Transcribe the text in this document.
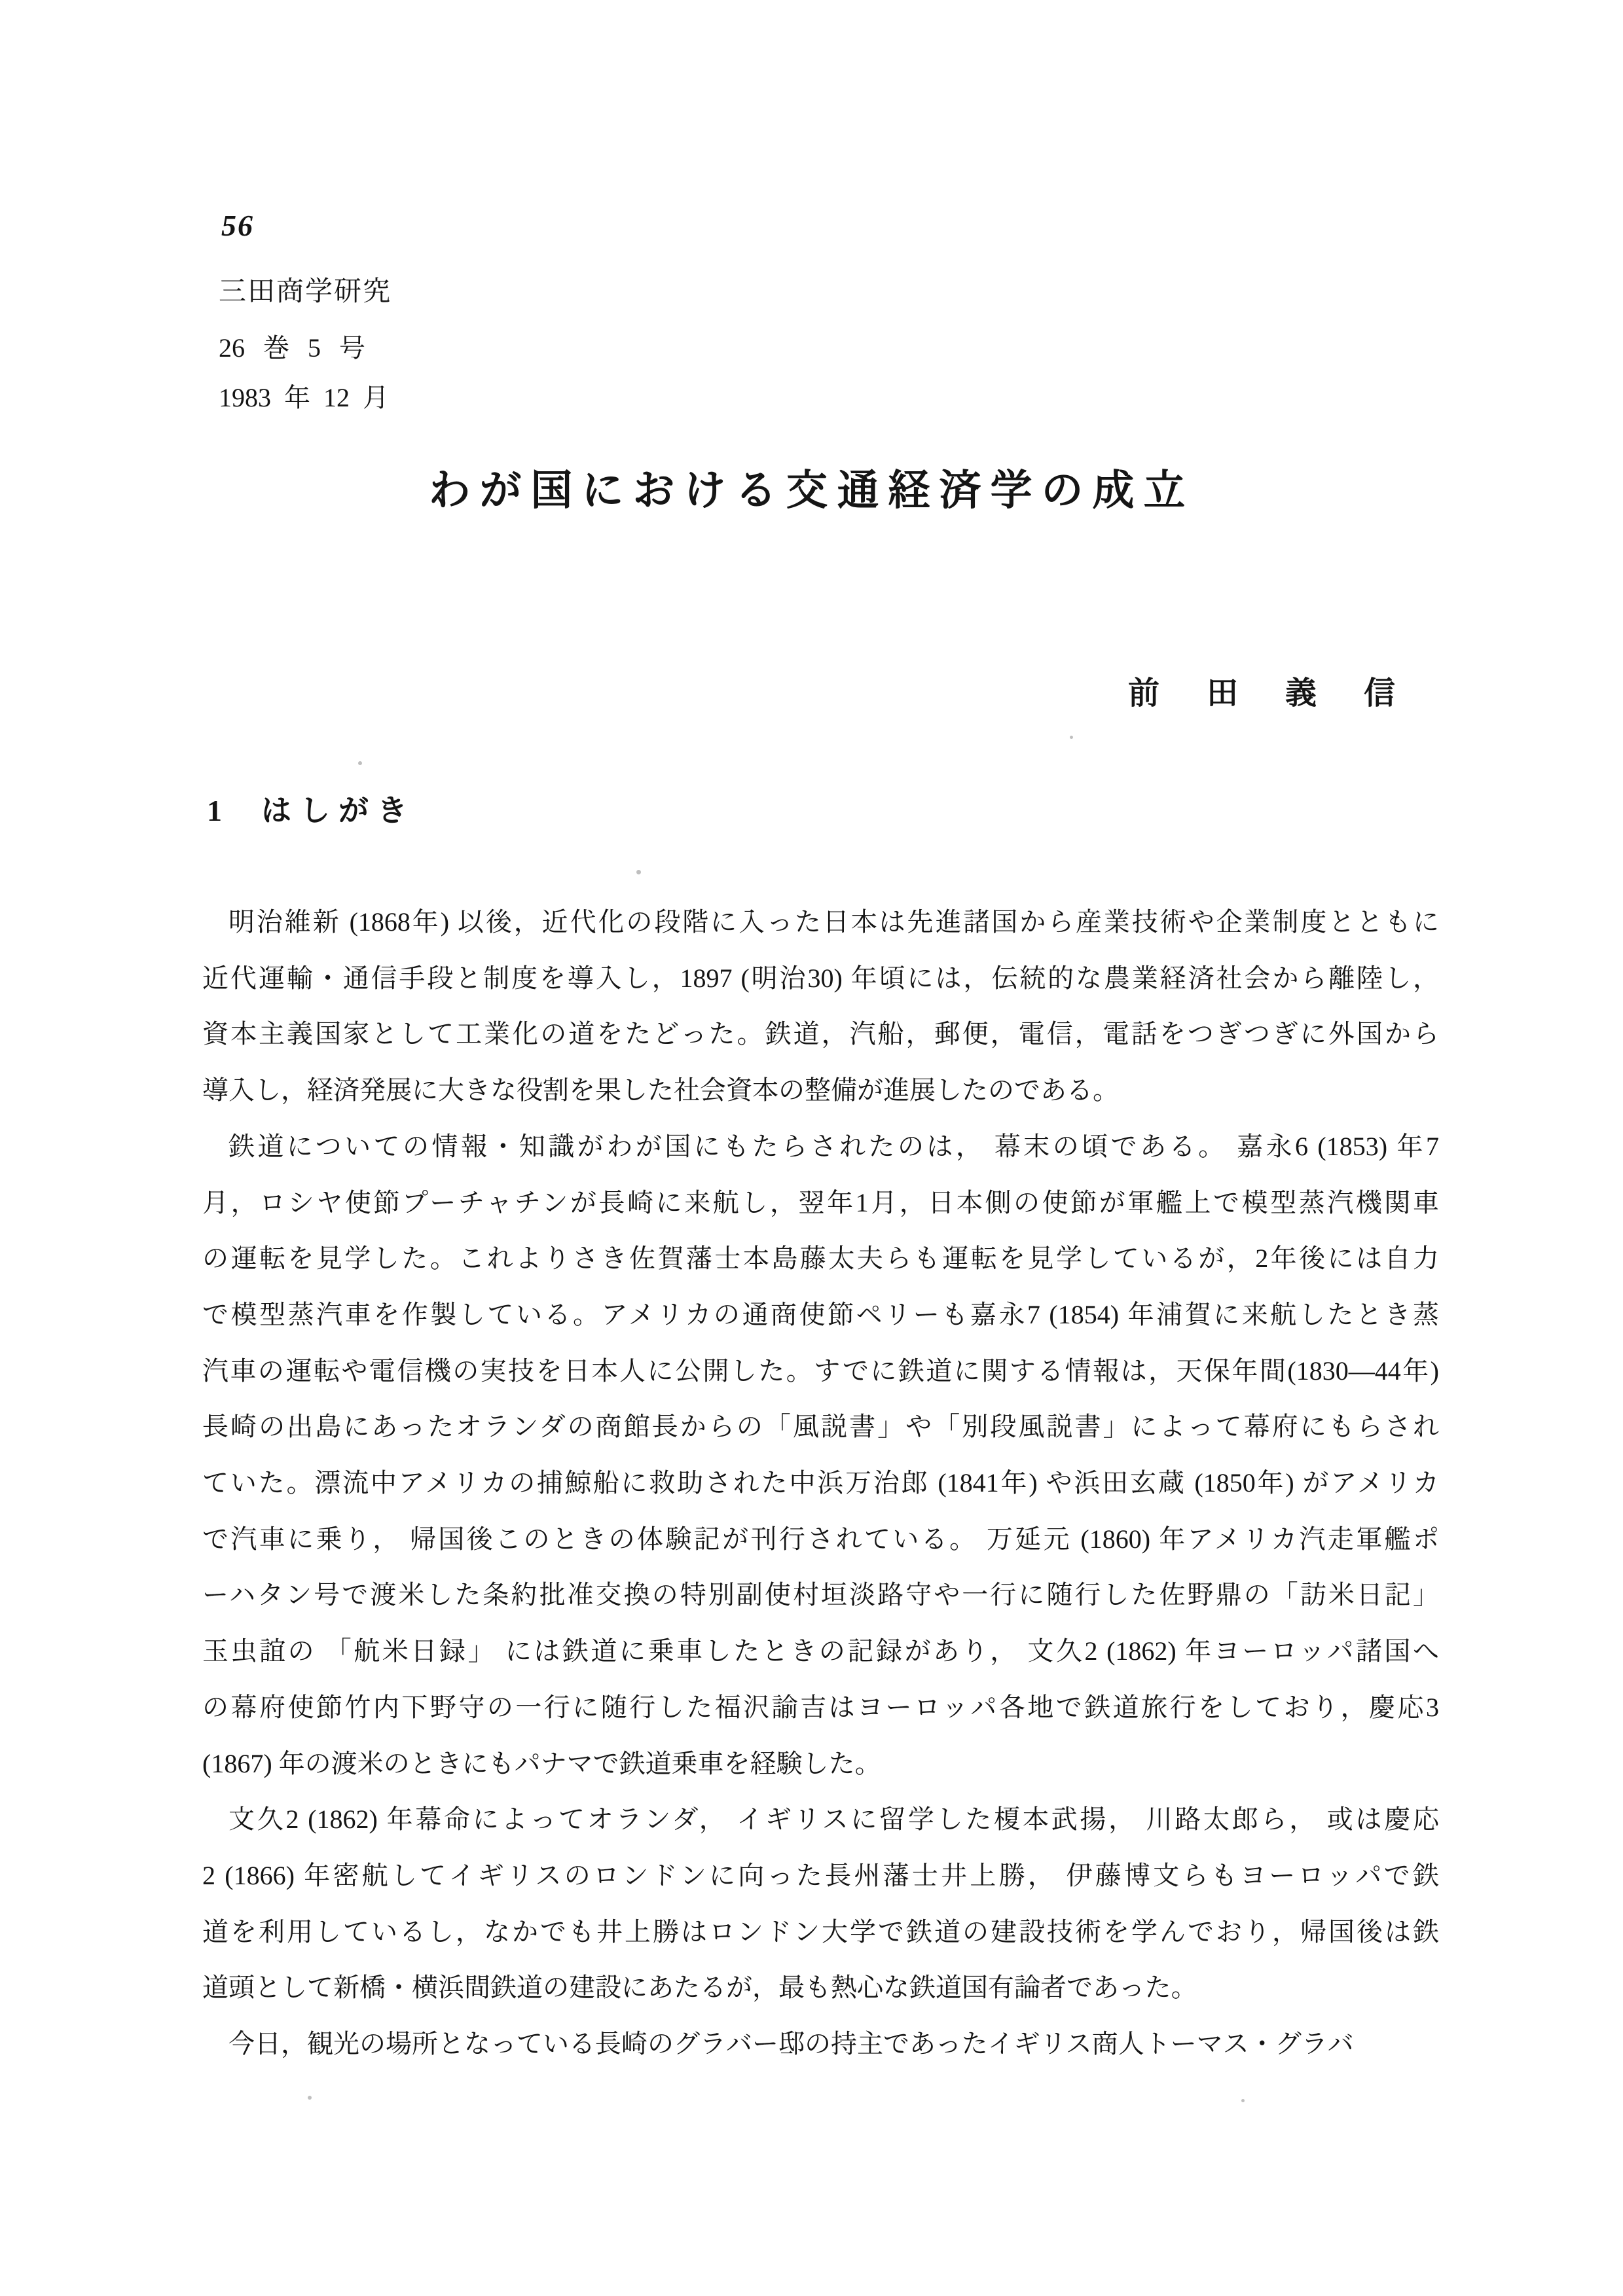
56
三田商学研究
26 巻 5 号
1983 年 12 月
わが国における交通経済学の成立
前 田 義 信
1 はしがき
明治維新 (1868年) 以後，近代化の段階に入った日本は先進諸国から産業技術や企業制度とともに
近代運輸・通信手段と制度を導入し，1897 (明治30) 年頃には，伝統的な農業経済社会から離陸し，
資本主義国家として工業化の道をたどった。鉄道，汽船，郵便，電信，電話をつぎつぎに外国から
導入し，経済発展に大きな役割を果した社会資本の整備が進展したのである。
鉄道についての情報・知識がわが国にもたらされたのは， 幕末の頃である。 嘉永6 (1853) 年7
月，ロシヤ使節プーチャチンが長崎に来航し，翌年1月，日本側の使節が軍艦上で模型蒸汽機関車
の運転を見学した。これよりさき佐賀藩士本島藤太夫らも運転を見学しているが，2年後には自力
で模型蒸汽車を作製している。アメリカの通商使節ペリーも嘉永7 (1854) 年浦賀に来航したとき蒸
汽車の運転や電信機の実技を日本人に公開した。すでに鉄道に関する情報は，天保年間(1830—44年)
長崎の出島にあったオランダの商館長からの「風説書」や「別段風説書」によって幕府にもらされ
ていた。漂流中アメリカの捕鯨船に救助された中浜万治郎 (1841年) や浜田玄蔵 (1850年) がアメリカ
で汽車に乗り， 帰国後このときの体験記が刊行されている。 万延元 (1860) 年アメリカ汽走軍艦ポ
ーハタン号で渡米した条約批准交換の特別副使村垣淡路守や一行に随行した佐野鼎の「訪米日記」
玉虫誼の 「航米日録」 には鉄道に乗車したときの記録があり， 文久2 (1862) 年ヨーロッパ諸国へ
の幕府使節竹内下野守の一行に随行した福沢諭吉はヨーロッパ各地で鉄道旅行をしており，慶応3
(1867) 年の渡米のときにもパナマで鉄道乗車を経験した。
文久2 (1862) 年幕命によってオランダ， イギリスに留学した榎本武揚， 川路太郎ら， 或は慶応
2 (1866) 年密航してイギリスのロンドンに向った長州藩士井上勝， 伊藤博文らもヨーロッパで鉄
道を利用しているし，なかでも井上勝はロンドン大学で鉄道の建設技術を学んでおり，帰国後は鉄
道頭として新橋・横浜間鉄道の建設にあたるが，最も熱心な鉄道国有論者であった。
今日，観光の場所となっている長崎のグラバー邸の持主であったイギリス商人トーマス・グラバ
